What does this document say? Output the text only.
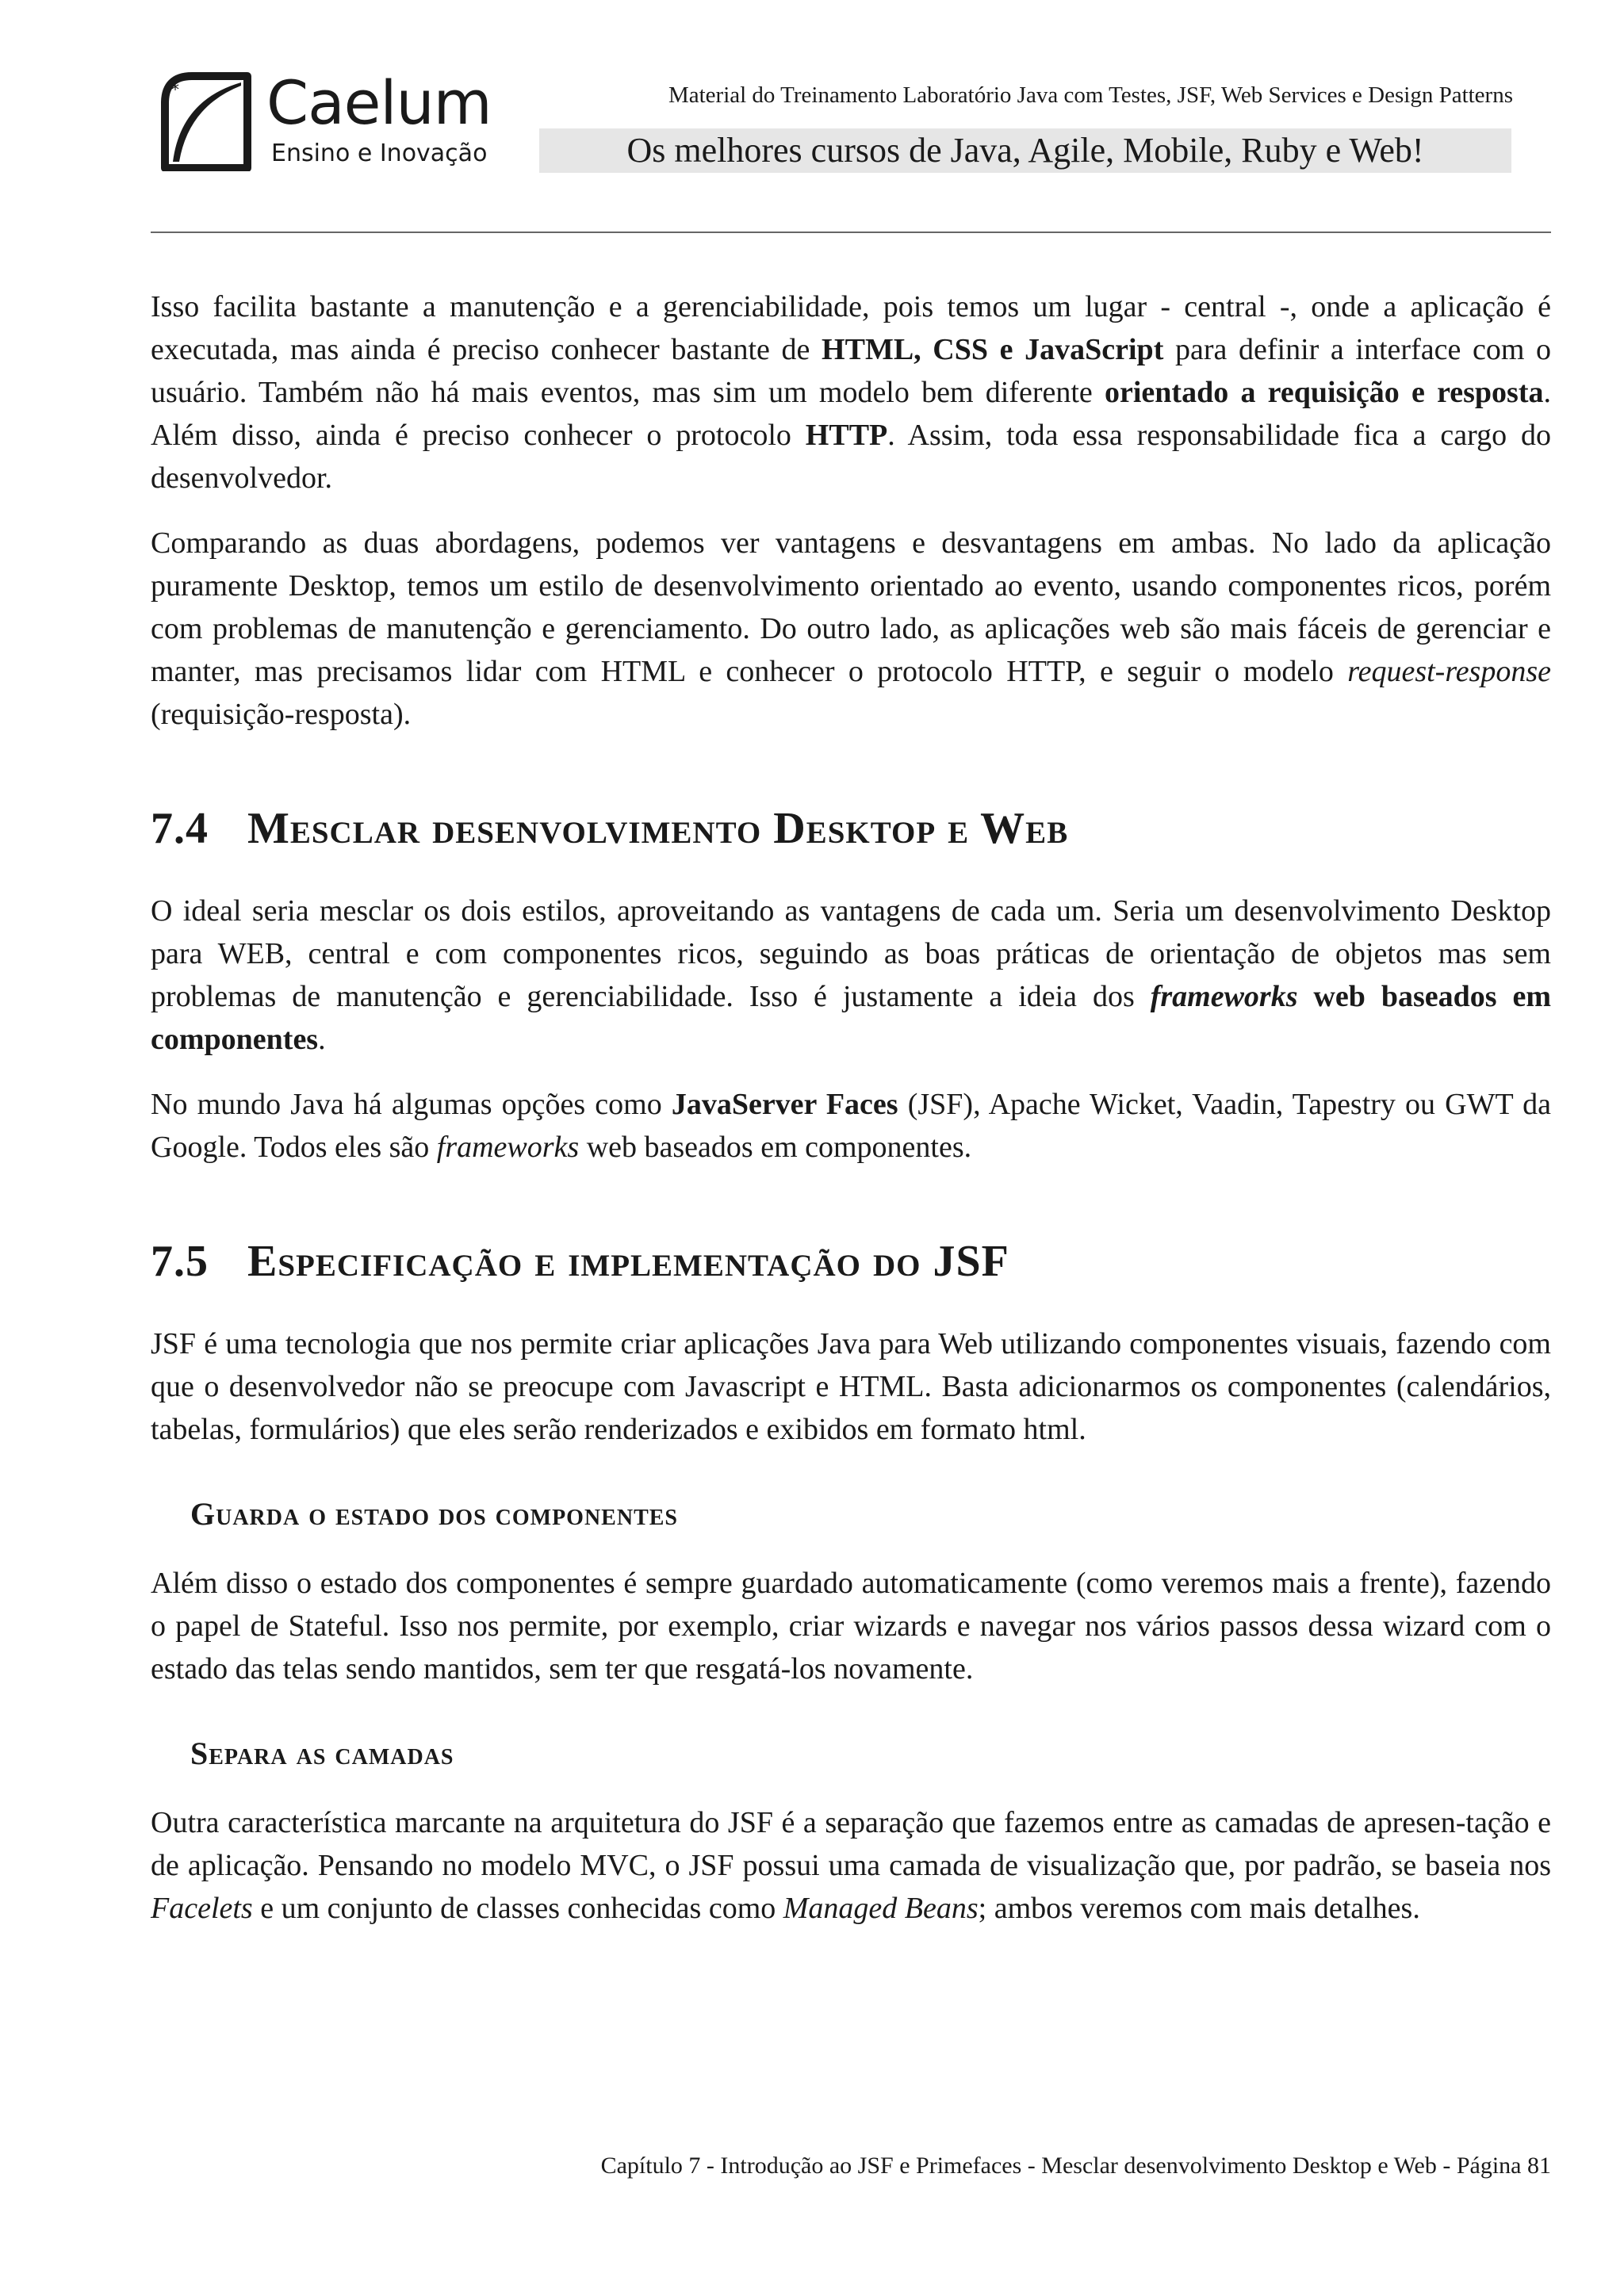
* Caelum
Ensino e Inovação
Material do Treinamento Laboratório Java com Testes, JSF, Web Services e Design Patterns
Os melhores cursos de Java, Agile, Mobile, Ruby e Web!

Isso facilita bastante a manutenção e a gerenciabilidade, pois temos um lugar - central -, onde a aplicação é executada, mas ainda é preciso conhecer bastante de HTML, CSS e JavaScript para definir a interface com o usuário. Também não há mais eventos, mas sim um modelo bem diferente orientado a requisição e resposta. Além disso, ainda é preciso conhecer o protocolo HTTP. Assim, toda essa responsabilidade fica a cargo do desenvolvedor.

Comparando as duas abordagens, podemos ver vantagens e desvantagens em ambas. No lado da aplicação puramente Desktop, temos um estilo de desenvolvimento orientado ao evento, usando componentes ricos, porém com problemas de manutenção e gerenciamento. Do outro lado, as aplicações web são mais fáceis de gerenciar e manter, mas precisamos lidar com HTML e conhecer o protocolo HTTP, e seguir o modelo request-response (requisição-resposta).

7.4 Mesclar desenvolvimento Desktop e Web

O ideal seria mesclar os dois estilos, aproveitando as vantagens de cada um. Seria um desenvolvimento Desktop para WEB, central e com componentes ricos, seguindo as boas práticas de orientação de objetos mas sem problemas de manutenção e gerenciabilidade. Isso é justamente a ideia dos frameworks web baseados em componentes.

No mundo Java há algumas opções como JavaServer Faces (JSF), Apache Wicket, Vaadin, Tapestry ou GWT da Google. Todos eles são frameworks web baseados em componentes.

7.5 Especificação e implementação do JSF

JSF é uma tecnologia que nos permite criar aplicações Java para Web utilizando componentes visuais, fazendo com que o desenvolvedor não se preocupe com Javascript e HTML. Basta adicionarmos os componentes (calendários, tabelas, formulários) que eles serão renderizados e exibidos em formato html.

Guarda o estado dos componentes

Além disso o estado dos componentes é sempre guardado automaticamente (como veremos mais a frente), fazendo o papel de Stateful. Isso nos permite, por exemplo, criar wizards e navegar nos vários passos dessa wizard com o estado das telas sendo mantidos, sem ter que resgatá-los novamente.

Separa as camadas

Outra característica marcante na arquitetura do JSF é a separação que fazemos entre as camadas de apresen-tação e de aplicação. Pensando no modelo MVC, o JSF possui uma camada de visualização que, por padrão, se baseia nos Facelets e um conjunto de classes conhecidas como Managed Beans; ambos veremos com mais detalhes.

Capítulo 7 - Introdução ao JSF e Primefaces - Mesclar desenvolvimento Desktop e Web - Página 81
